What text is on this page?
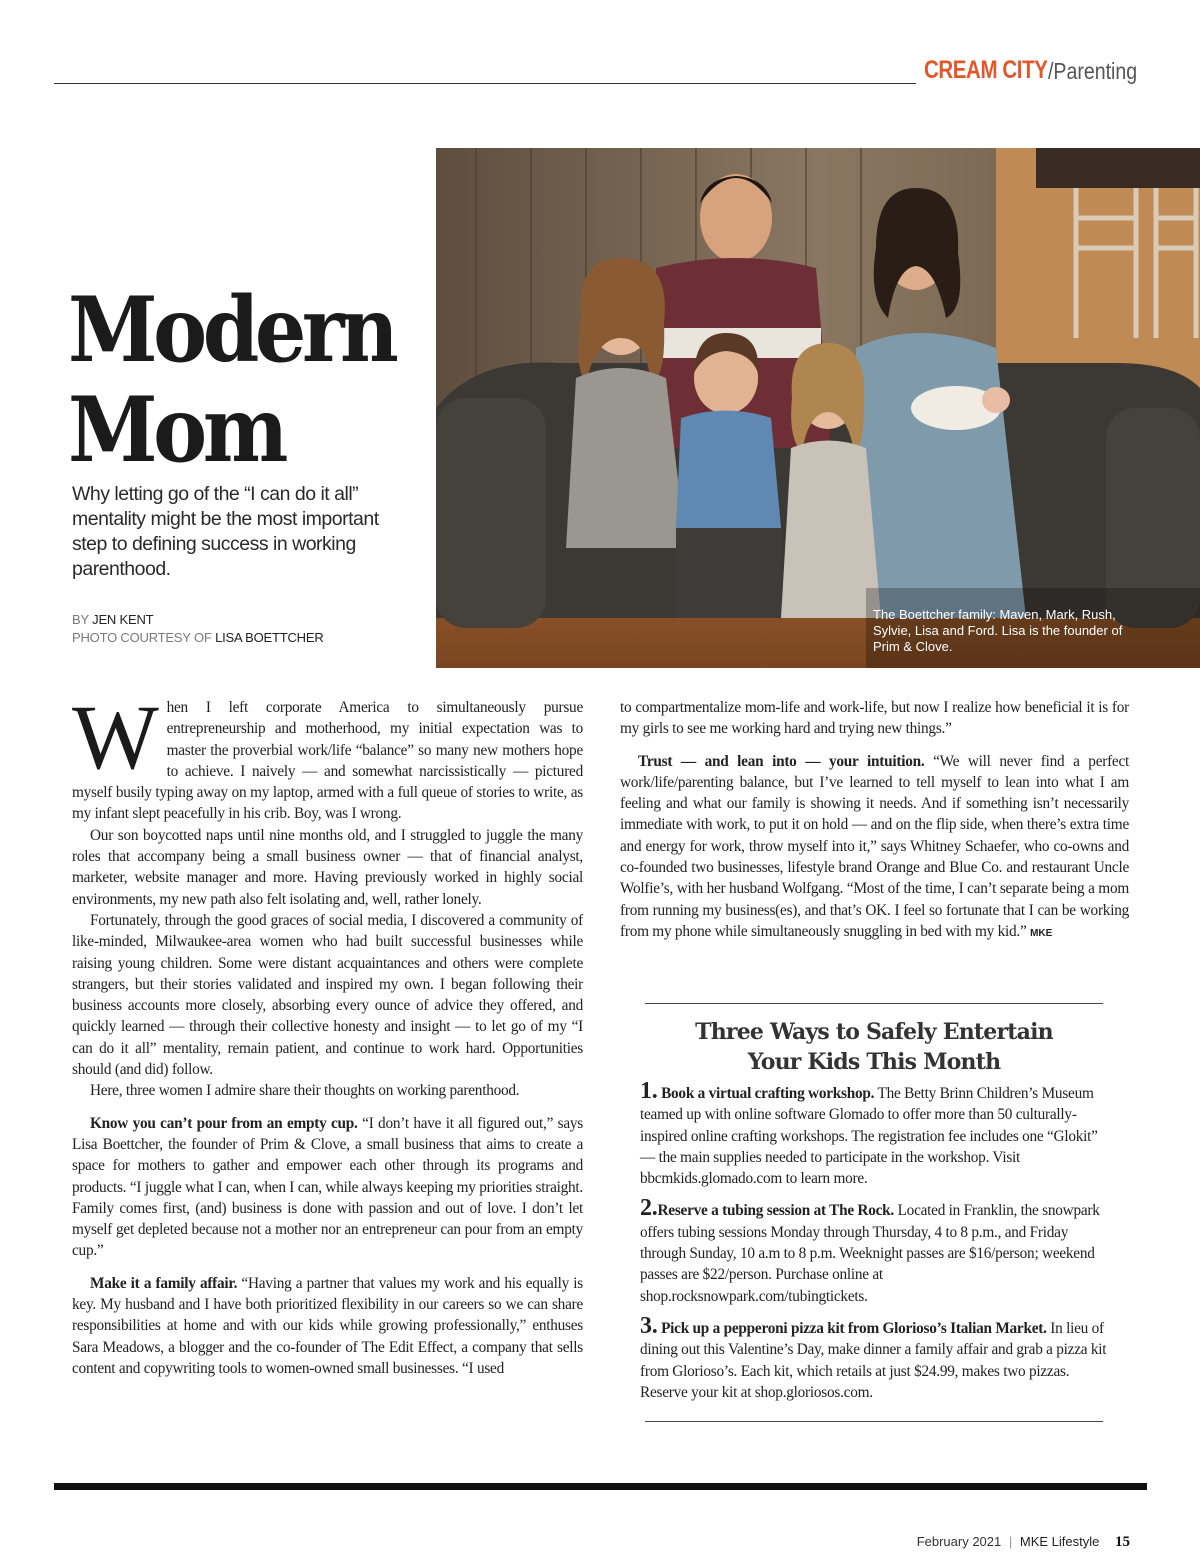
CREAM CITY /Parenting
The Boettcher family: Maven, Mark, Rush, Sylvie, Lisa and Ford. Lisa is the founder of Prim & Clove.
Modern
Mom

Why letting go of the “I can do it all” mentality might be the most important step to defining success in working parenthood.

BY JEN KENT
PHOTO COURTESY OF LISA BOETTCHER

When I left corporate America to simultaneously pursue entrepreneurship and motherhood, my initial expectation was to master the proverbial work/life “balance” so many new mothers hope to achieve. I naively — and somewhat narcissistically — pictured myself busily typing away on my laptop, armed with a full queue of stories to write, as my infant slept peacefully in his crib. Boy, was I wrong.

Our son boycotted naps until nine months old, and I struggled to juggle the many roles that accompany being a small business owner — that of financial analyst, marketer, website manager and more. Having previously worked in highly social environments, my new path also felt isolating and, well, rather lonely.

Fortunately, through the good graces of social media, I discovered a community of like-minded, Milwaukee-area women who had built successful businesses while raising young children. Some were distant acquaintances and others were complete strangers, but their stories validated and inspired my own. I began following their business accounts more closely, absorbing every ounce of advice they offered, and quickly learned — through their collective honesty and insight — to let go of my “I can do it all” mentality, remain patient, and continue to work hard. Opportunities should (and did) follow.

Here, three women I admire share their thoughts on working parenthood.

Know you can’t pour from an empty cup. “I don’t have it all figured out,” says Lisa Boettcher, the founder of Prim & Clove, a small business that aims to create a space for mothers to gather and empower each other through its programs and products. “I juggle what I can, when I can, while always keeping my priorities straight. Family comes first, (and) business is done with passion and out of love. I don’t let myself get depleted because not a mother nor an entrepreneur can pour from an empty cup.”

Make it a family affair. “Having a partner that values my work and his equally is key. My husband and I have both prioritized flexibility in our careers so we can share responsibilities at home and with our kids while growing professionally,” enthuses Sara Meadows, a blogger and the co-founder of The Edit Effect, a company that sells content and copywriting tools to women-owned small businesses. “I used

to compartmentalize mom-life and work-life, but now I realize how beneficial it is for my girls to see me working hard and trying new things.”

Trust — and lean into — your intuition. “We will never find a perfect work/life/parenting balance, but I’ve learned to tell myself to lean into what I am feeling and what our family is showing it needs. And if something isn’t necessarily immediate with work, to put it on hold — and on the flip side, when there’s extra time and energy for work, throw myself into it,” says Whitney Schaefer, who co-owns and co-founded two businesses, lifestyle brand Orange and Blue Co. and restaurant Uncle Wolfie’s, with her husband Wolfgang. “Most of the time, I can’t separate being a mom from running my business(es), and that’s OK. I feel so fortunate that I can be working from my phone while simultaneously snuggling in bed with my kid.” MKE

Three Ways to Safely Entertain
Your Kids This Month
1. Book a virtual crafting workshop. The Betty Brinn Children’s Museum teamed up with online software Glomado to offer more than 50 culturally-inspired online crafting workshops. The registration fee includes one “Glokit” — the main supplies needed to participate in the workshop. Visit bbcmkids.glomado.com to learn more.
2.Reserve a tubing session at The Rock. Located in Franklin, the snowpark offers tubing sessions Monday through Thursday, 4 to 8 p.m., and Friday through Sunday, 10 a.m to 8 p.m. Weeknight passes are $16/person; weekend passes are $22/person. Purchase online at shop.rocksnowpark.com/tubingtickets.
3. Pick up a pepperoni pizza kit from Glorioso’s Italian Market. In lieu of dining out this Valentine’s Day, make dinner a family affair and grab a pizza kit from Glorioso’s. Each kit, which retails at just $24.99, makes two pizzas. Reserve your kit at shop.gloriosos.com.
February 2021 | MKE Lifestyle 15
